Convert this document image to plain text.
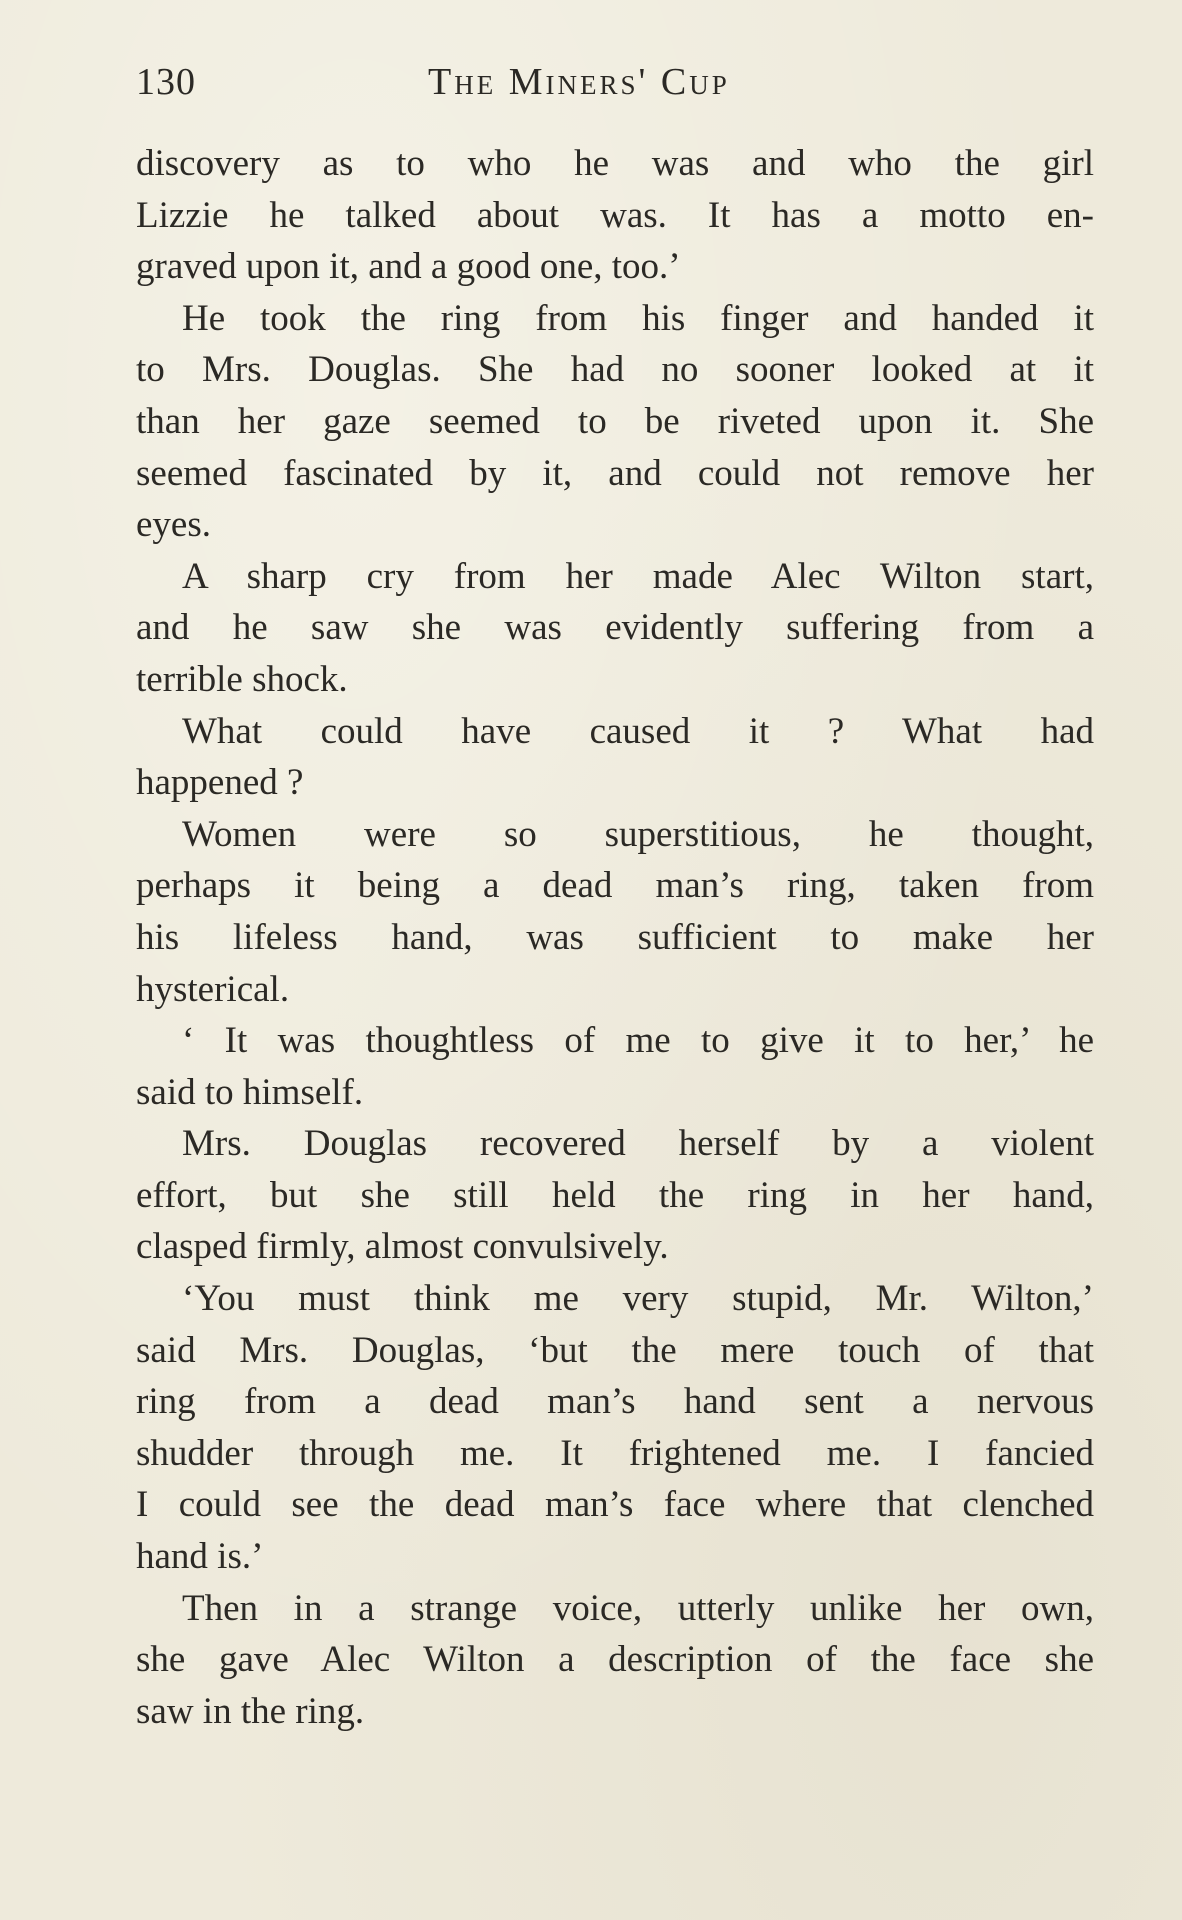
130	The Miners' Cup
discovery as to who he was and who the girl
Lizzie he talked about was. It has a motto en-
graved upon it, and a good one, too.’
He took the ring from his finger and handed it
to Mrs. Douglas. She had no sooner looked at it
than her gaze seemed to be riveted upon it. She
seemed fascinated by it, and could not remove her
eyes.
A sharp cry from her made Alec Wilton start,
and he saw she was evidently suffering from a
terrible shock.
What could have caused it ? What had
happened ?
Women were so superstitious, he thought,
perhaps it being a dead man’s ring, taken from
his lifeless hand, was sufficient to make her
hysterical.
‘ It was thoughtless of me to give it to her,’ he
said to himself.
Mrs. Douglas recovered herself by a violent
effort, but she still held the ring in her hand,
clasped firmly, almost convulsively.
‘You must think me very stupid, Mr. Wilton,’
said Mrs. Douglas, ‘but the mere touch of that
ring from a dead man’s hand sent a nervous
shudder through me. It frightened me. I fancied
I could see the dead man’s face where that clenched
hand is.’
Then in a strange voice, utterly unlike her own,
she gave Alec Wilton a description of the face she
saw in the ring.
